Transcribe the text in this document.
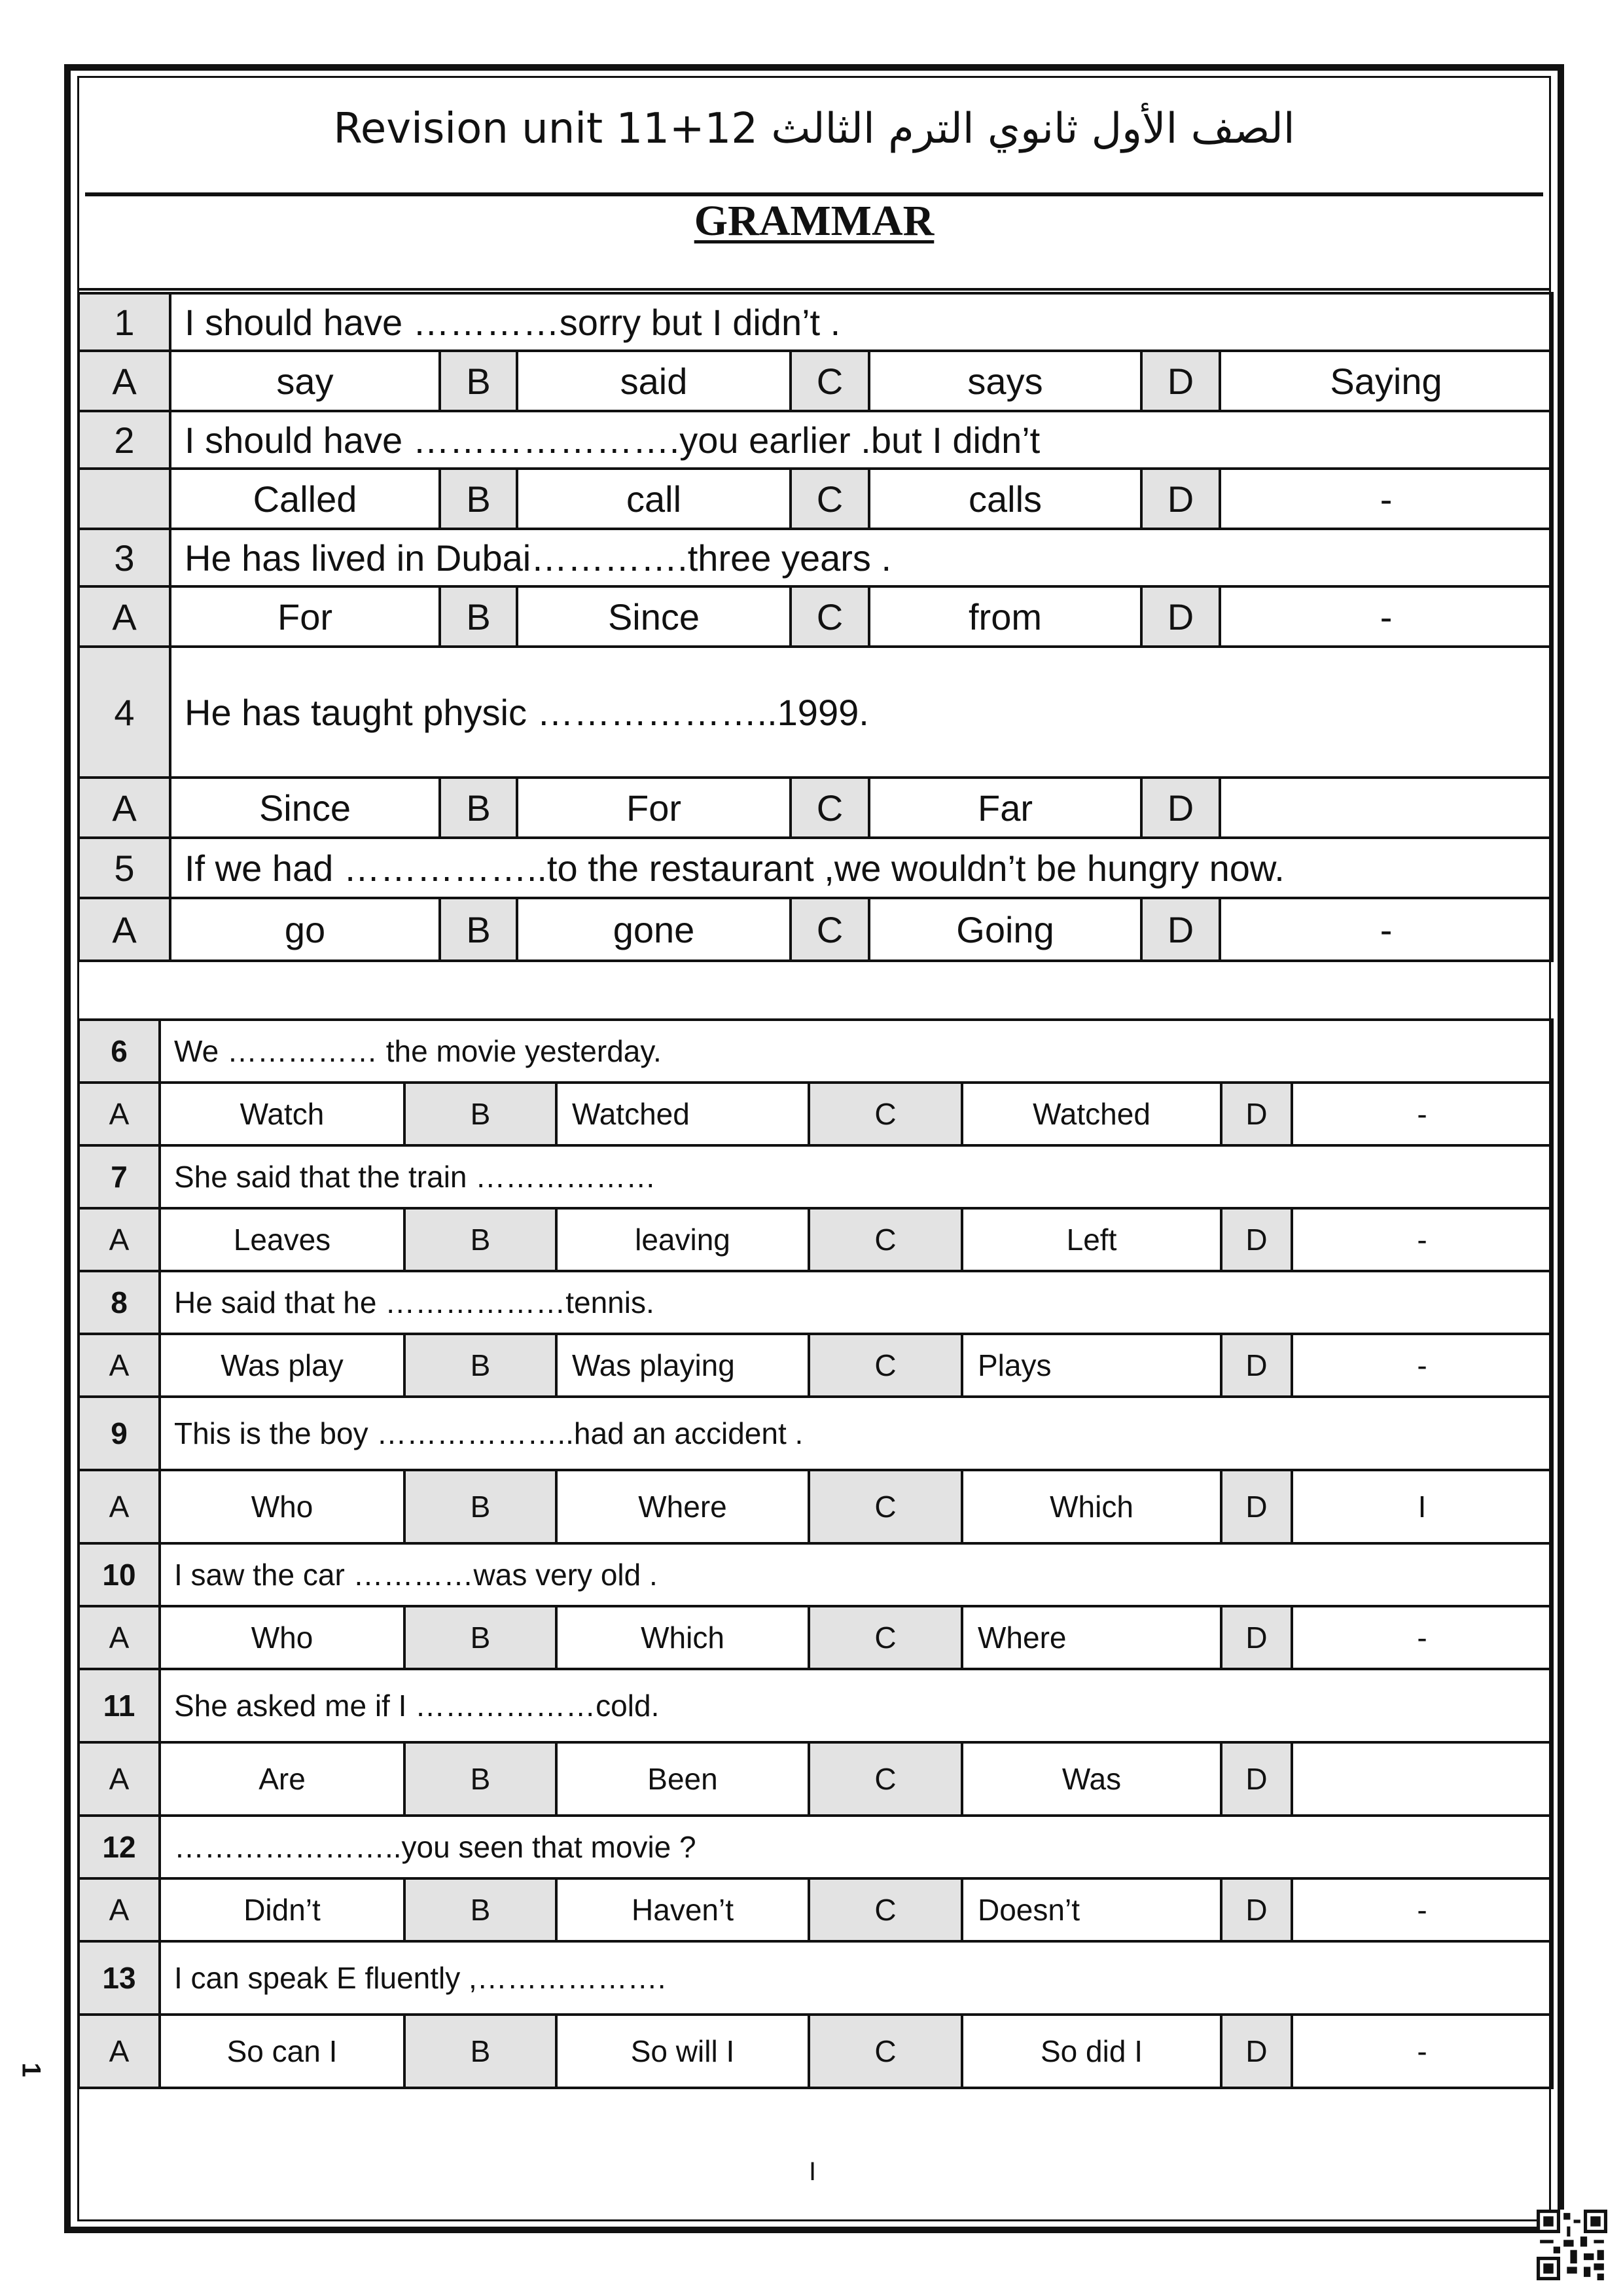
Revision unit 11+12 الصف الأول ثانوي الترم الثالث
GRAMMAR
1	I should have …………sorry but I didn’t .						
A	say	B	said	C	says	D	Saying
2	I should have ………………….you earlier .but I didn’t						
	Called	B	call	C	calls	D	-
3	He has lived in Dubai………….three years .						
A	For	B	Since	C	from	D	-
4	He has taught physic ………………..1999.						
A	Since	B	For	C	Far	D	
5	If we had ……………..to the restaurant ,we wouldn’t be hungry now.						
A	go	B	gone	C	Going	D	-
6	We …………… the movie yesterday.						
A	Watch	B	Watched	C	Watched	D	-
7	She said that the train ………………						
A	Leaves	B	leaving	C	Left	D	-
8	He said that he ………………tennis.						
A	Was play	B	Was playing	C	Plays	D	-
9	This is the boy ………………..had an accident .						
A	Who	B	Where	C	Which	D	I
10	I saw the car …………was very old .						
A	Who	B	Which	C	Where	D	-
11	She asked me if I ………………cold.						
A	Are	B	Been	C	Was	D	
12	…………………..you seen that movie ?						
A	Didn’t	B	Haven’t	C	Doesn’t	D	-
13	I can speak E fluently ,……………….						
A	So can I	B	So will I	C	So did I	D	-
I
1
